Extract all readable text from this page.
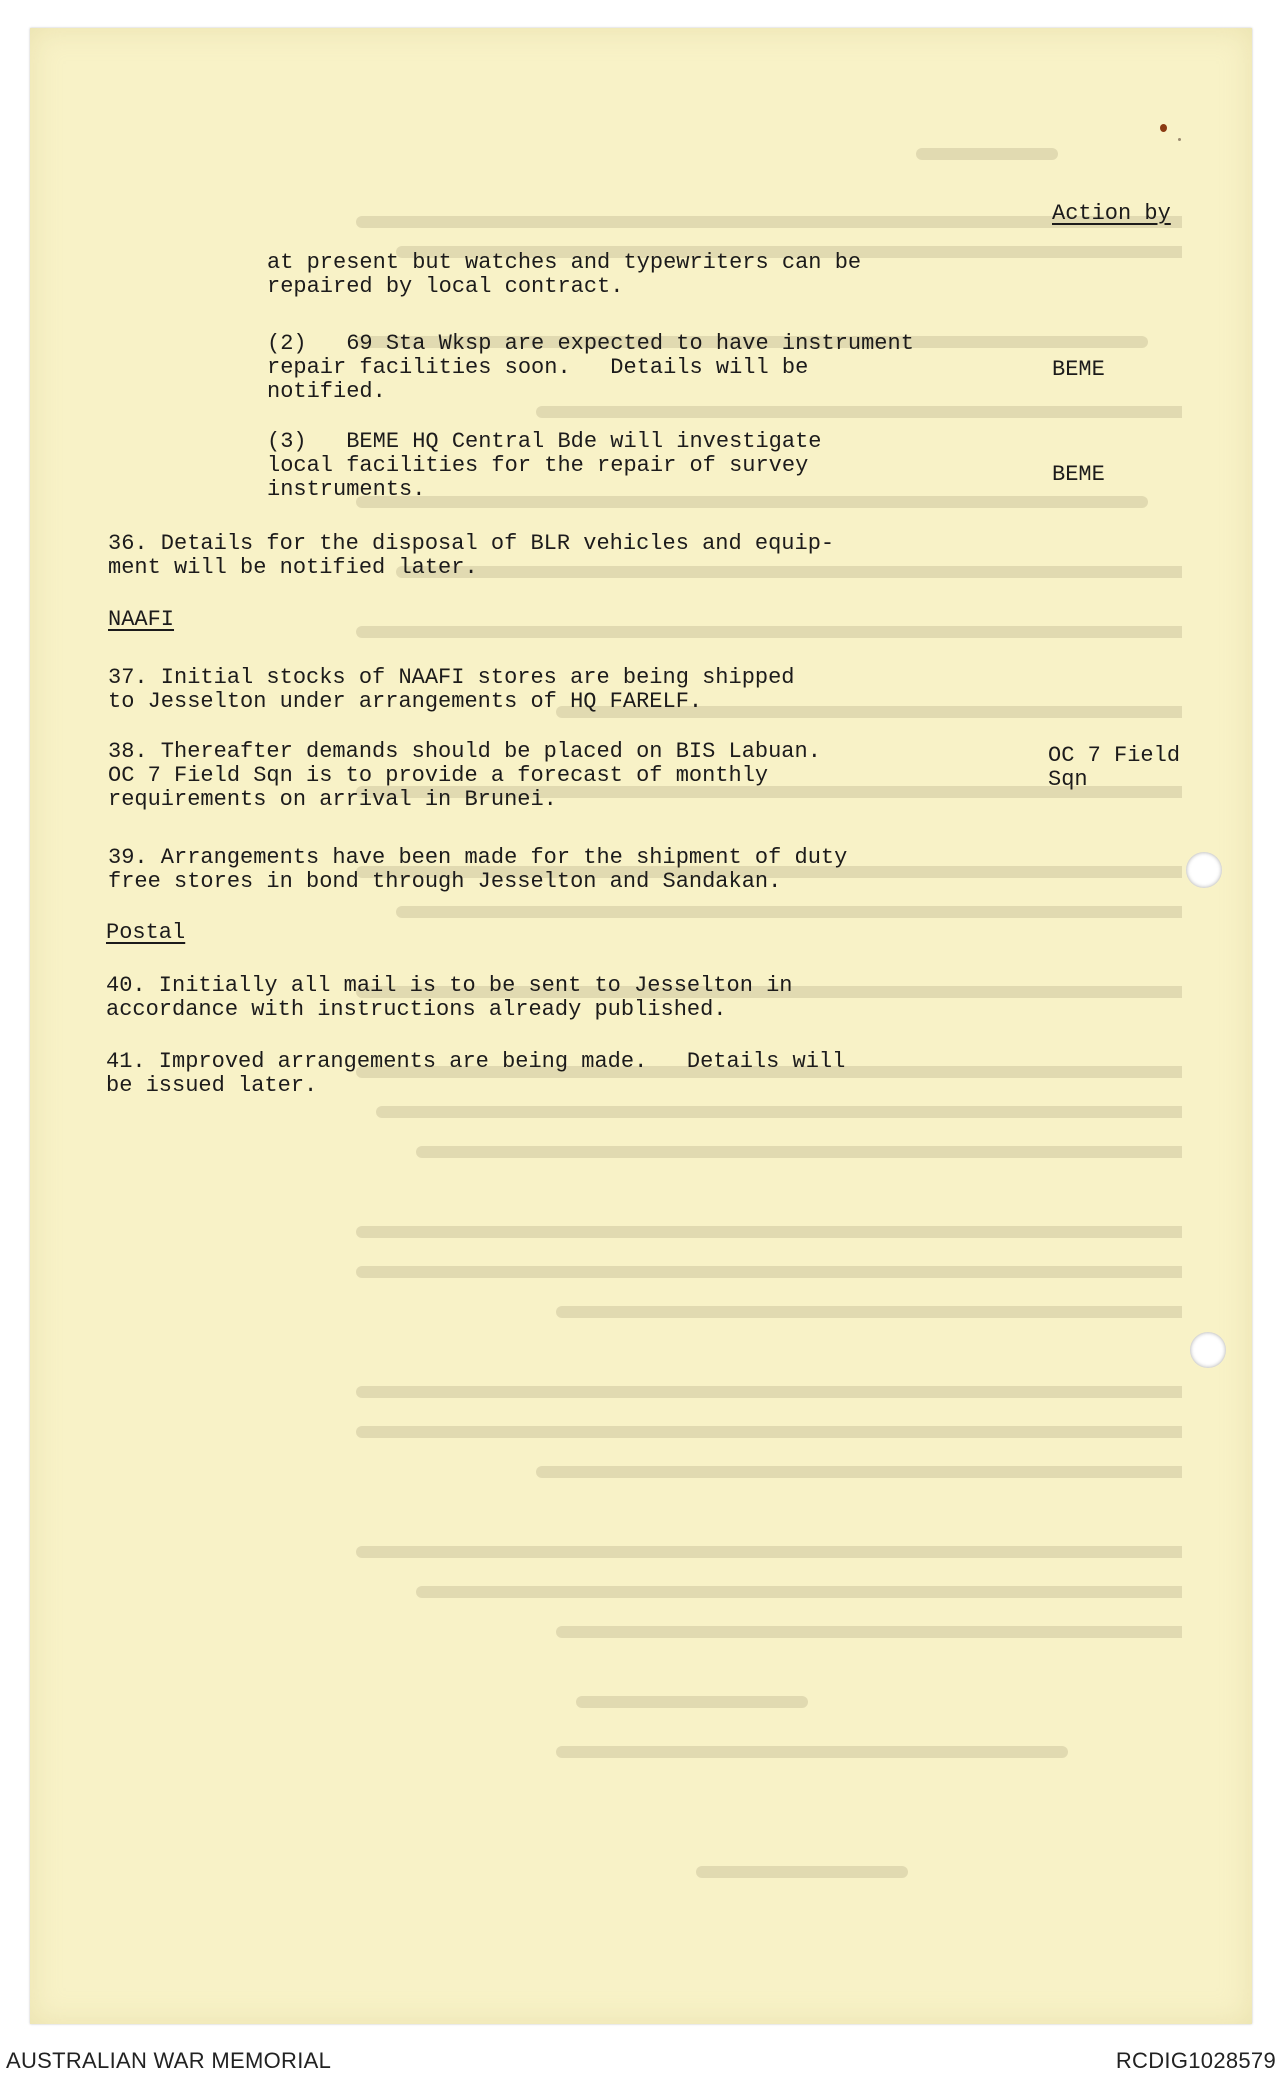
Action by

at present but watches and typewriters can be
repaired by local contract.

(2)   69 Sta Wksp are expected to have instrument
repair facilities soon.   Details will be
notified.

BEME

(3)   BEME HQ Central Bde will investigate
local facilities for the repair of survey
instruments.

BEME

36. Details for the disposal of BLR vehicles and equip-
ment will be notified later.

NAAFI

37. Initial stocks of NAAFI stores are being shipped
to Jesselton under arrangements of HQ FARELF.

38. Thereafter demands should be placed on BIS Labuan.
OC 7 Field Sqn is to provide a forecast of monthly
requirements on arrival in Brunei.

OC 7 Field
Sqn

39. Arrangements have been made for the shipment of duty
free stores in bond through Jesselton and Sandakan.

Postal

40. Initially all mail is to be sent to Jesselton in
accordance with instructions already published.

41. Improved arrangements are being made.   Details will
be issued later.

AUSTRALIAN WAR MEMORIAL	RCDIG1028579
